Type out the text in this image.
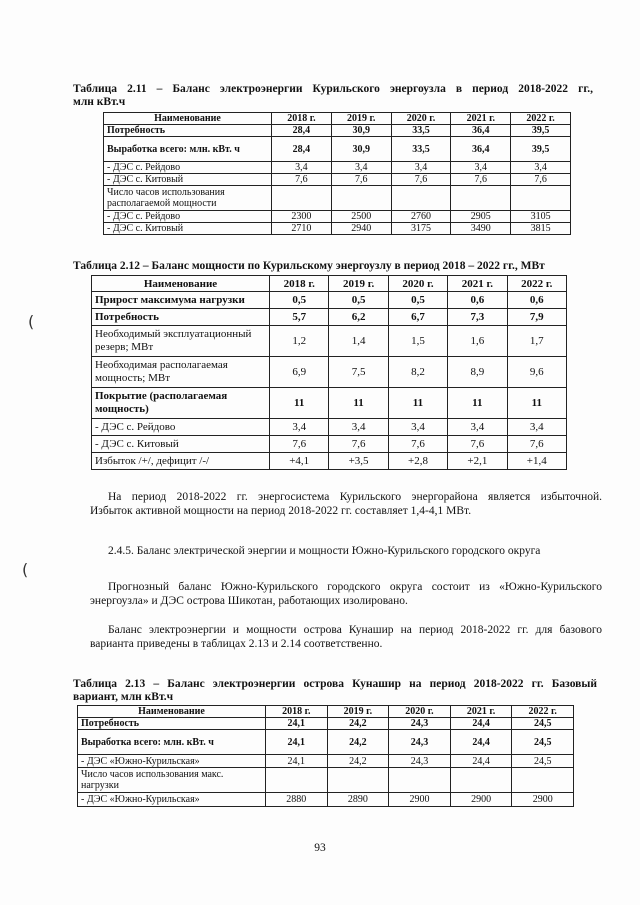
Таблица 2.11 – Баланс электроэнергии Курильского энергоузла в период 2018-2022 гг.,
млн кВт.ч
Наименование	2018 г.	2019 г.	2020 г.	2021 г.	2022 г.
Потребность	28,4	30,9	33,5	36,4	39,5
Выработка всего: млн. кВт. ч	28,4	30,9	33,5	36,4	39,5
- ДЭС с. Рейдово	3,4	3,4	3,4	3,4	3,4
- ДЭС с. Китовый	7,6	7,6	7,6	7,6	7,6
Число часов использования располагаемой мощности					
- ДЭС с. Рейдово	2300	2500	2760	2905	3105
- ДЭС с. Китовый	2710	2940	3175	3490	3815
Таблица 2.12 – Баланс мощности по Курильскому энергоузлу в период 2018 – 2022 гг., МВт
Наименование	2018 г.	2019 г.	2020 г.	2021 г.	2022 г.
Прирост максимума нагрузки	0,5	0,5	0,5	0,6	0,6
Потребность	5,7	6,2	6,7	7,3	7,9
Необходимый эксплуатационный резерв; МВт	1,2	1,4	1,5	1,6	1,7
Необходимая располагаемая мощность; МВт	6,9	7,5	8,2	8,9	9,6
Покрытие (располагаемая мощность)	11	11	11	11	11
- ДЭС с. Рейдово	3,4	3,4	3,4	3,4	3,4
- ДЭС с. Китовый	7,6	7,6	7,6	7,6	7,6
Избыток /+/, дефицит /-/	+4,1	+3,5	+2,8	+2,1	+1,4
На период 2018-2022 гг. энергосистема Курильского энергорайона является избыточной.
Избыток активной мощности на период 2018-2022 гг. составляет 1,4-4,1 МВт.
2.4.5. Баланс электрической энергии и мощности Южно-Курильского городского округа
Прогнозный баланс Южно-Курильского городского округа состоит из «Южно-Курильского
энергоузла» и ДЭС острова Шикотан, работающих изолировано.
Баланс электроэнергии и мощности острова Кунашир на период 2018-2022 гг. для базового
варианта приведены в таблицах 2.13 и 2.14 соответственно.
Таблица 2.13 – Баланс электроэнергии острова Кунашир на период 2018-2022 гг. Базовый
вариант, млн кВт.ч
Наименование	2018 г.	2019 г.	2020 г.	2021 г.	2022 г.
Потребность	24,1	24,2	24,3	24,4	24,5
Выработка всего: млн. кВт. ч	24,1	24,2	24,3	24,4	24,5
- ДЭС «Южно-Курильская»	24,1	24,2	24,3	24,4	24,5
Число часов использования макс. нагрузки					
- ДЭС «Южно-Курильская»	2880	2890	2900	2900	2900
(
(
93
